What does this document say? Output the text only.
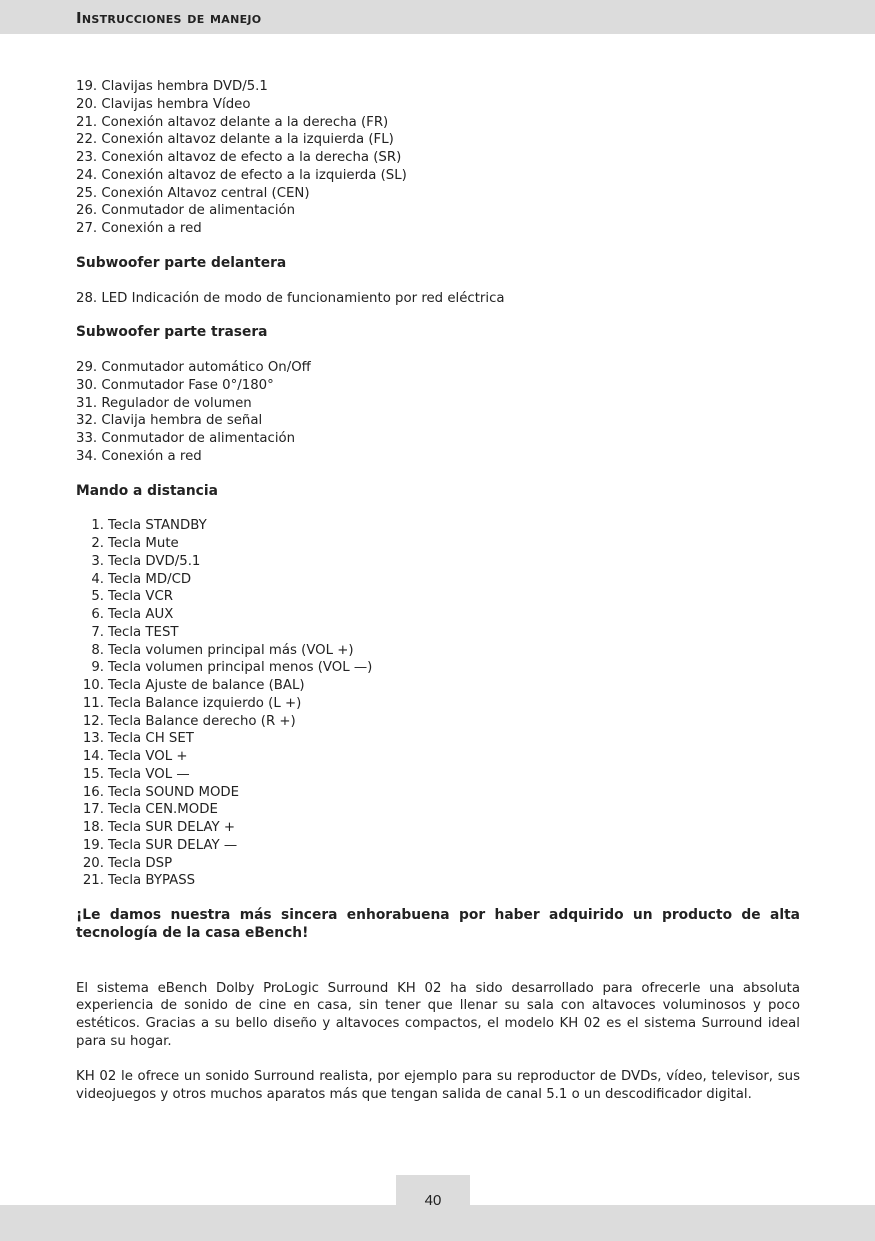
Instrucciones de manejo
19. Clavijas hembra DVD/5.1
20. Clavijas hembra Vídeo
21. Conexión altavoz delante a la derecha (FR)
22. Conexión altavoz delante a la izquierda (FL)
23. Conexión altavoz de efecto a la derecha (SR)
24. Conexión altavoz de efecto a la izquierda (SL)
25. Conexión Altavoz central (CEN)
26. Conmutador de alimentación
27. Conexión a red
Subwoofer parte delantera
28. LED Indicación de modo de funcionamiento por red eléctrica
Subwoofer parte trasera
29. Conmutador automático On/Off
30. Conmutador Fase 0°/180°
31. Regulador de volumen
32. Clavija hembra de señal
33. Conmutador de alimentación
34. Conexión a red
Mando a distancia
1. Tecla STANDBY
2. Tecla Mute
3. Tecla DVD/5.1
4. Tecla MD/CD
5. Tecla VCR
6. Tecla AUX
7. Tecla TEST
8. Tecla volumen principal más (VOL +)
9. Tecla volumen principal menos (VOL —)
10. Tecla Ajuste de balance (BAL)
11. Tecla Balance izquierdo (L +)
12. Tecla Balance derecho (R +)
13. Tecla CH SET
14. Tecla VOL +
15. Tecla VOL —
16. Tecla SOUND MODE
17. Tecla CEN.MODE
18. Tecla SUR DELAY +
19. Tecla SUR DELAY —
20. Tecla DSP
21. Tecla BYPASS

¡Le damos nuestra más sincera enhorabuena por haber adquirido un producto de alta tecnología de la casa eBench!

El sistema eBench Dolby ProLogic Surround KH 02 ha sido desarrollado para ofrecerle una absoluta experiencia de sonido de cine en casa, sin tener que llenar su sala con altavoces voluminosos y poco estéticos. Gracias a su bello diseño y altavoces compactos, el modelo KH 02 es el sistema Surround ideal para su hogar.

KH 02 le ofrece un sonido Surround realista, por ejemplo para su reproductor de DVDs, vídeo, televisor, sus videojuegos y otros muchos aparatos más que tengan salida de canal 5.1 o un descodificador digital.

40
